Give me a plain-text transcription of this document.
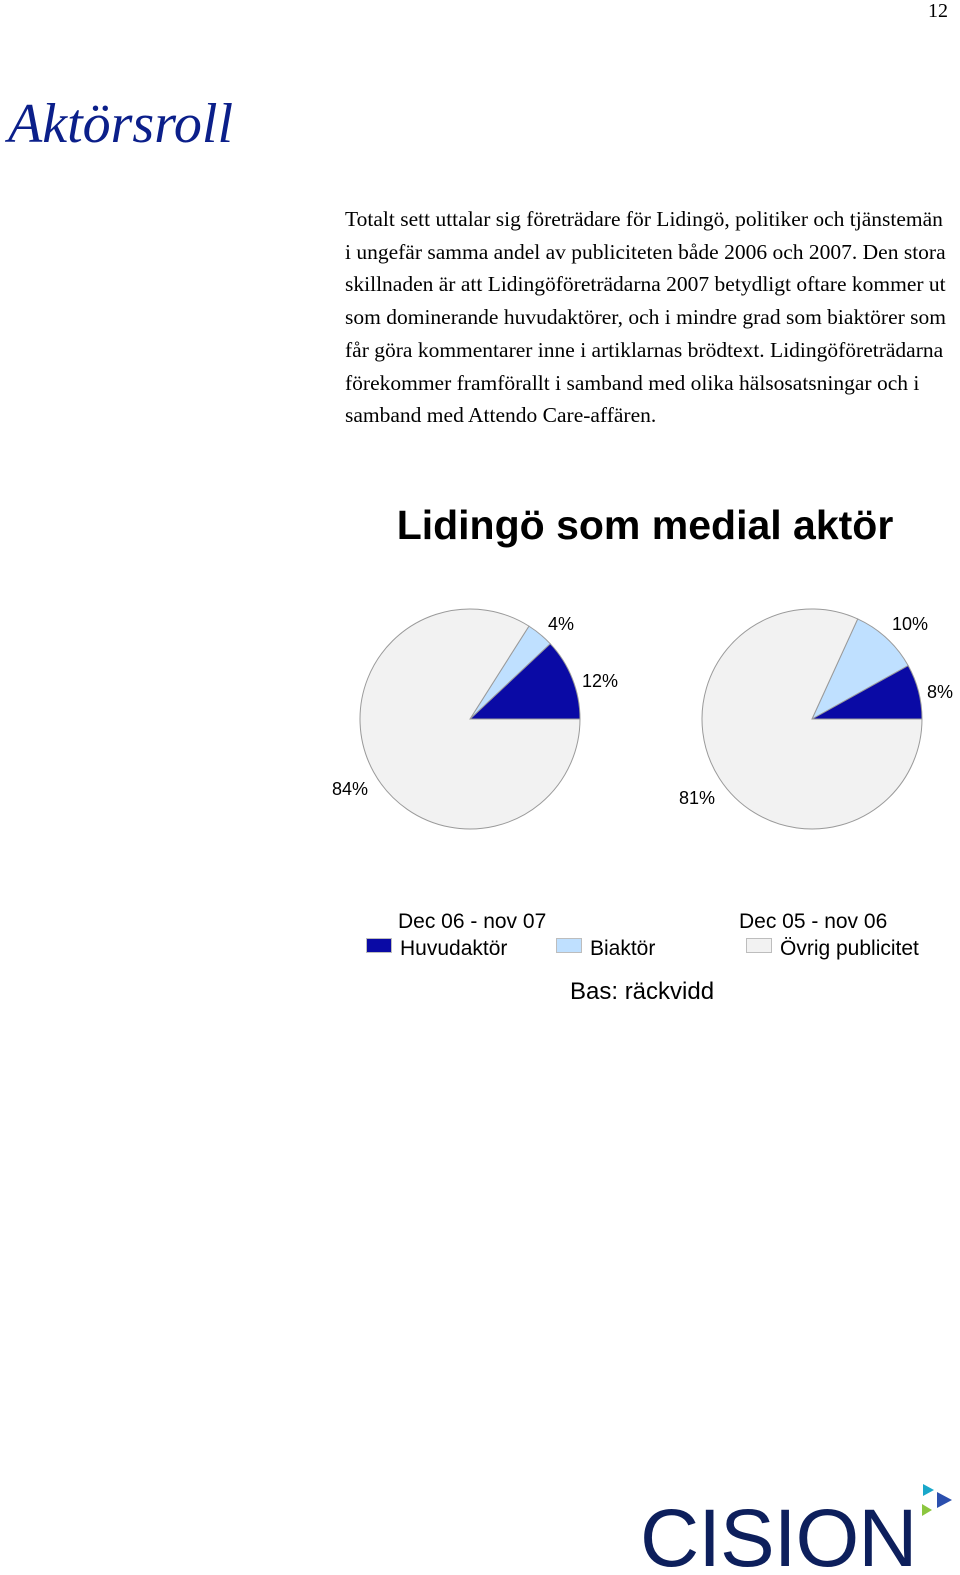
12
Aktörsroll

Totalt sett uttalar sig företrädare för Lidingö, politiker och tjänstemän i ungefär samma andel av publiciteten både 2006 och 2007. Den stora skillnaden är att Lidingöföreträdarna 2007 betydligt oftare kommer ut som dominerande huvudaktörer, och i mindre grad som biaktörer som får göra kommentarer inne i artiklarnas brödtext. Lidingöföreträdarna förekommer framförallt i samband med olika hälsosatsningar och i samband med Attendo Care-affären.

Lidingö som medial aktör
12%
4%
84%
8%
10%
81%
Dec 06 - nov 07	Dec 05 - nov 06
Huvudaktör	Biaktör	Övrig publicitet
Bas: räckvidd
CISION
